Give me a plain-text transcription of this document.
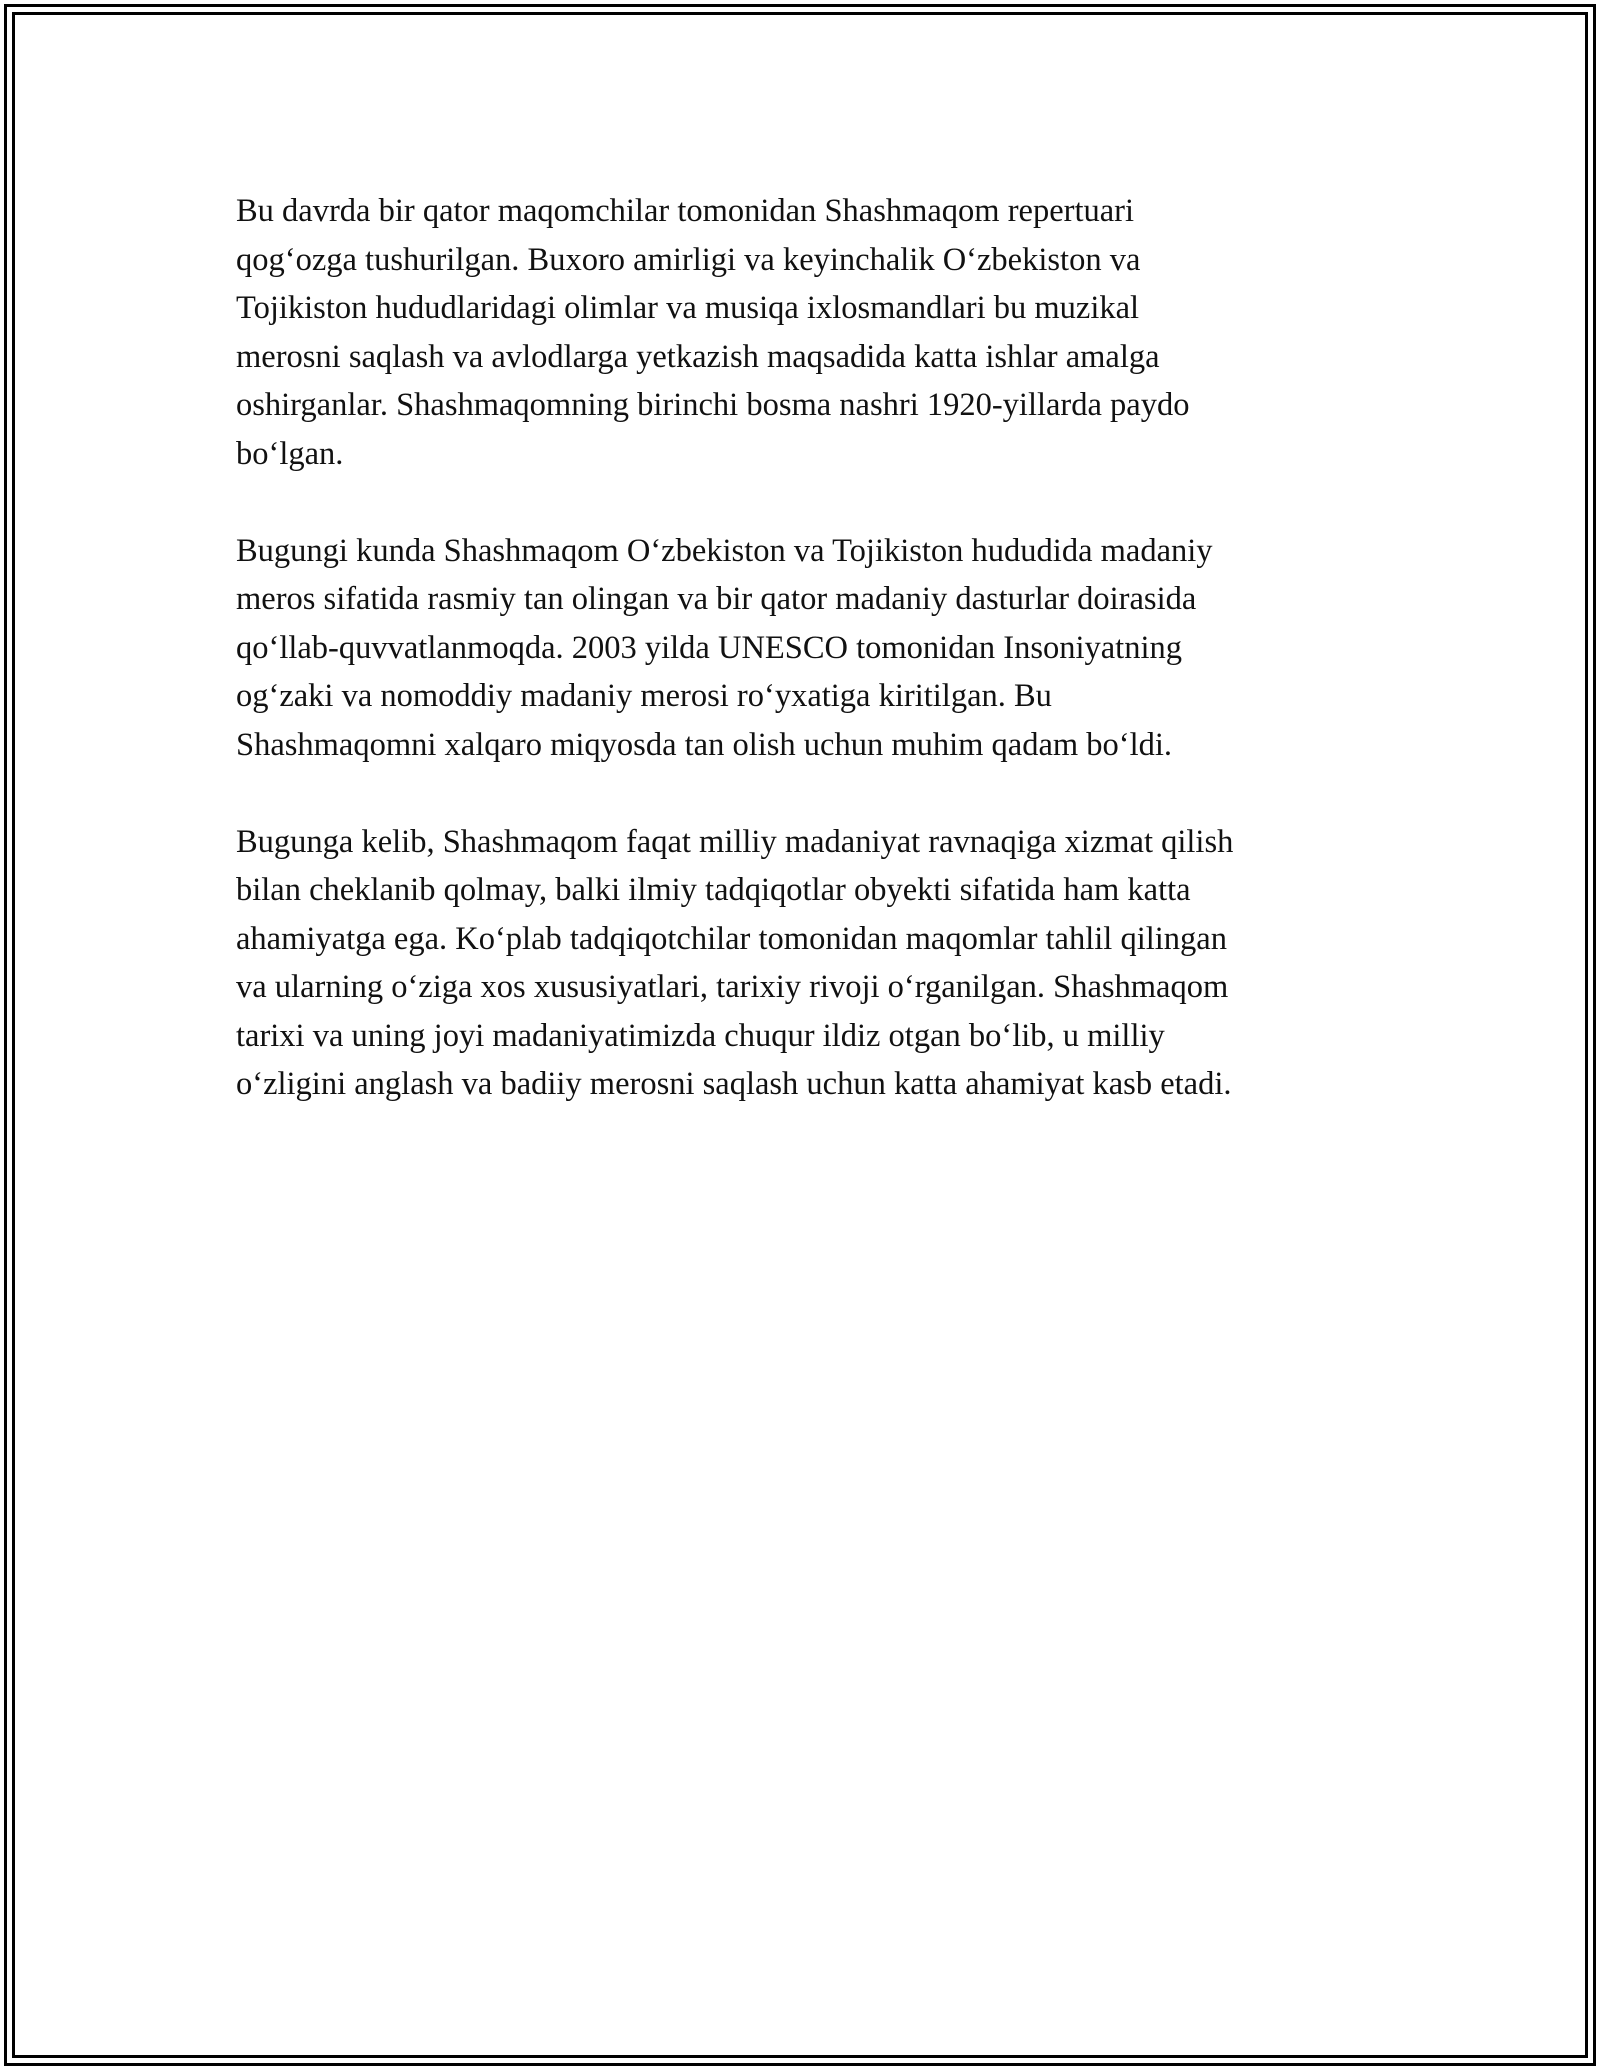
Bu davrda bir qator maqomchilar tomonidan Shashmaqom repertuari
qog‘ozga tushurilgan. Buxoro amirligi va keyinchalik O‘zbekiston va
Tojikiston hududlaridagi olimlar va musiqa ixlosmandlari bu muzikal
merosni saqlash va avlodlarga yetkazish maqsadida katta ishlar amalga
oshirganlar. Shashmaqomning birinchi bosma nashri 1920-yillarda paydo
bo‘lgan.

Bugungi kunda Shashmaqom O‘zbekiston va Tojikiston hududida madaniy
meros sifatida rasmiy tan olingan va bir qator madaniy dasturlar doirasida
qo‘llab-quvvatlanmoqda. 2003 yilda UNESCO tomonidan Insoniyatning
og‘zaki va nomoddiy madaniy merosi ro‘yxatiga kiritilgan. Bu
Shashmaqomni xalqaro miqyosda tan olish uchun muhim qadam bo‘ldi.

Bugunga kelib, Shashmaqom faqat milliy madaniyat ravnaqiga xizmat qilish
bilan cheklanib qolmay, balki ilmiy tadqiqotlar obyekti sifatida ham katta
ahamiyatga ega. Ko‘plab tadqiqotchilar tomonidan maqomlar tahlil qilingan
va ularning o‘ziga xos xususiyatlari, tarixiy rivoji o‘rganilgan. Shashmaqom
tarixi va uning joyi madaniyatimizda chuqur ildiz otgan bo‘lib, u milliy
o‘zligini anglash va badiiy merosni saqlash uchun katta ahamiyat kasb etadi.
